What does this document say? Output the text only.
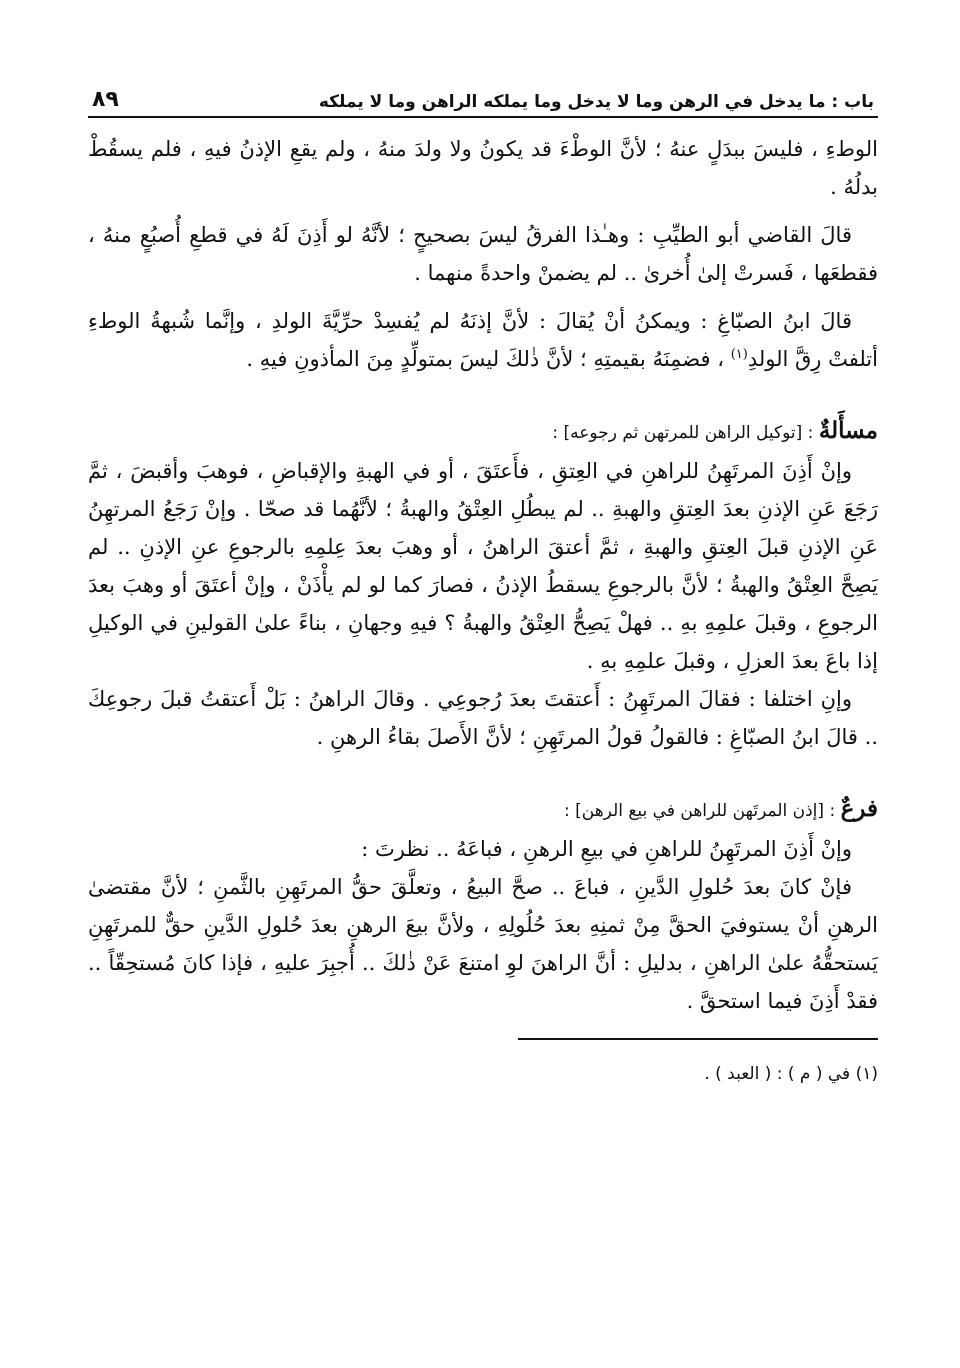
باب : ما يدخل في الرهن وما لا يدخل وما يملكه الراهن وما لا يملكه
٨٩

الوطءِ ، فليسَ ببدَلٍ عنهُ ؛ لأنَّ الوطْءَ قد يكونُ ولا ولدَ منهُ ، ولم يقعِ الإذنُ فيهِ ، فلم يسقُطْ بدلُهُ .

قالَ القاضي أبو الطيِّبِ : وهـٰذا الفرقُ ليسَ بصحيحٍ ؛ لأنَّهُ لو أَذِنَ لَهُ في قطعِ أُصبُعٍ منهُ ، فقطعَها ، فَسرتْ إلىٰ أُخرىٰ .. لم يضمنْ واحدةً منهما .

قالَ ابنُ الصبّاغِ : ويمكنُ أنْ يُقالَ : لأنَّ إذنَهُ لم يُفسِدْ حرِّيَّةَ الولدِ ، وإنَّما شُبهةُ الوطءِ أتلفتْ رِقَّ الولدِ$^{(١)}$ ، فضمِنَهُ بقيمتِهِ ؛ لأنَّ ذٰلكَ ليسَ بمتولِّدٍ مِنَ المأذونِ فيهِ .

مسأَلةٌ : [توكيل الراهن للمرتهن ثم رجوعه] :

وإنْ أَذِنَ المرتَهِنُ للراهنِ في العِتقِ ، فأَعتَقَ ، أو في الهبةِ والإقباضِ ، فوهبَ وأقبضَ ، ثمَّ رَجَعَ عَنِ الإذنِ بعدَ العِتقِ والهبةِ .. لم يبطُلِ العِتْقُ والهبةُ ؛ لأنَّهُما قد صحّا . وإنْ رَجَعُ المرتهِنُ عَنِ الإذنِ قبلَ العِتقِ والهبةِ ، ثمَّ أعتقَ الراهنُ ، أو وهبَ بعدَ عِلمِهِ بالرجوعِ عنِ الإذنِ .. لم يَصِحَّ العِتْقُ والهبةُ ؛ لأنَّ بالرجوعِ يسقطُ الإذنُ ، فصارَ كما لو لم يأْذَنْ ، وإنْ أعتَقَ أو وهبَ بعدَ الرجوعِ ، وقبلَ علمِهِ بهِ .. فهلْ يَصِحُّ العِتْقُ والهبةُ ؟ فيهِ وجهانِ ، بناءً علىٰ القولينِ في الوكيلِ إذا باعَ بعدَ العزلِ ، وقبلَ علمِهِ بهِ .

وإنِ اختلفا : فقالَ المرتَهِنُ : أَعتقتَ بعدَ رُجوعِي . وقالَ الراهنُ : بَلْ أَعتقتُ قبلَ رجوعِكَ .. قالَ ابنُ الصبّاغِ : فالقولُ قولُ المرتَهِنِ ؛ لأنَّ الأَصلَ بقاءُ الرهنِ .

فرعٌ : [إذن المرتَهن للراهن في بيع الرهن] :

وإنْ أَذِنَ المرتَهِنُ للراهنِ في بيعِ الرهنِ ، فباعَهُ .. نظرتَ :

فإنْ كانَ بعدَ حُلولِ الدَّينِ ، فباعَ .. صحَّ البيعُ ، وتعلَّقَ حقُّ المرتَهِنِ بالثَّمنِ ؛ لأنَّ مقتضىٰ الرهنِ أنْ يستوفيَ الحقَّ مِنْ ثمنِهِ بعدَ حُلُولِهِ ، ولأنَّ بيعَ الرهنِ بعدَ حُلولِ الدَّينِ حقٌّ للمرتَهِنِ يَستحقُّهُ علىٰ الراهنِ ، بدليلِ : أنَّ الراهنَ لوِ امتنعَ عَنْ ذٰلكَ .. أُجبِرَ عليهِ ، فإذا كانَ مُستحِقّاً .. فقدْ أَذِنَ فيما استحقَّ .

(١) في ( م ) : ( العبد ) .
